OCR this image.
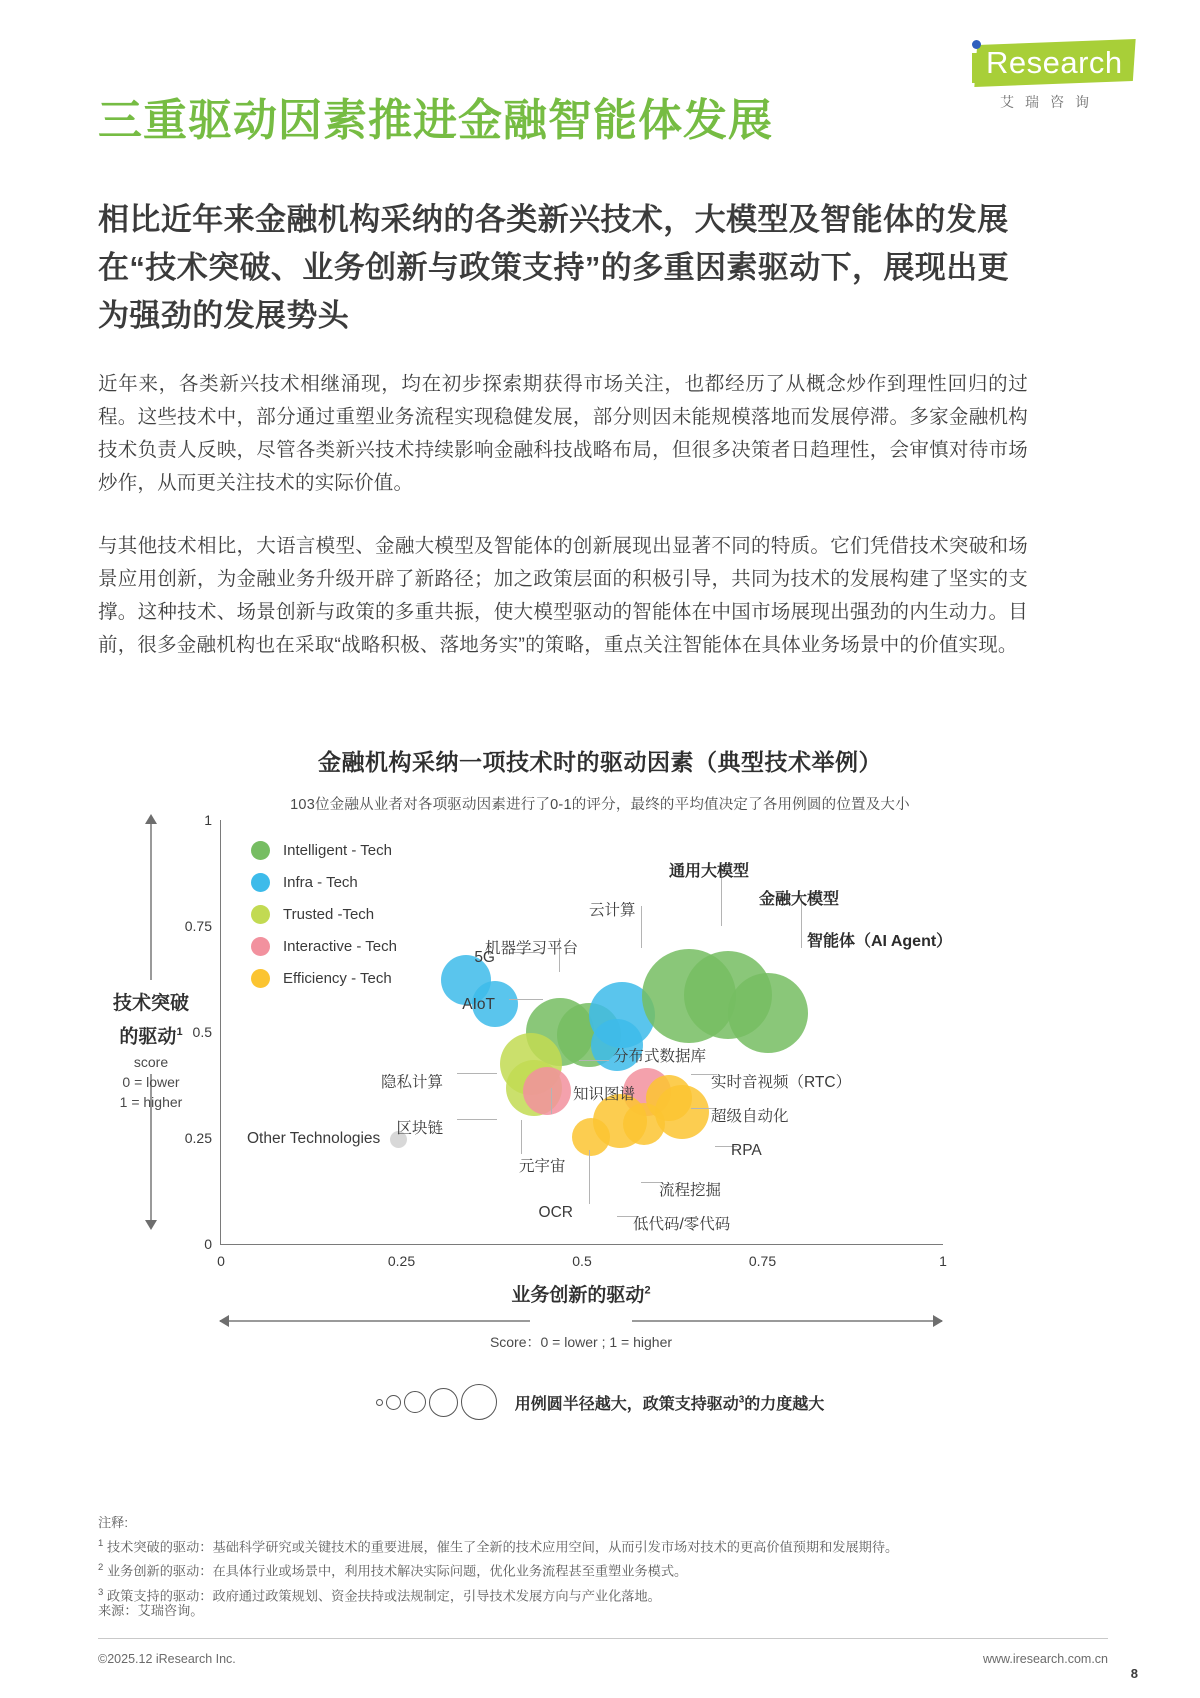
Research
艾瑞咨询
三重驱动因素推进金融智能体发展
相比近年来金融机构采纳的各类新兴技术，大模型及智能体的发展在“技术突破、业务创新与政策支持”的多重因素驱动下，展现出更为强劲的发展势头
近年来，各类新兴技术相继涌现，均在初步探索期获得市场关注，也都经历了从概念炒作到理性回归的过程。这些技术中，部分通过重塑业务流程实现稳健发展，部分则因未能规模落地而发展停滞。多家金融机构技术负责人反映，尽管各类新兴技术持续影响金融科技战略布局，但很多决策者日趋理性，会审慎对待市场炒作，从而更关注技术的实际价值。
与其他技术相比，大语言模型、金融大模型及智能体的创新展现出显著不同的特质。它们凭借技术突破和场景应用创新，为金融业务升级开辟了新路径；加之政策层面的积极引导，共同为技术的发展构建了坚实的支撑。这种技术、场景创新与政策的多重共振，使大模型驱动的智能体在中国市场展现出强劲的内生动力。目前，很多金融机构也在采取“战略积极、落地务实”的策略，重点关注智能体在具体业务场景中的价值实现。
金融机构采纳一项技术时的驱动因素（典型技术举例）
103位金融从业者对各项驱动因素进行了0-1的评分，最终的平均值决定了各用例圆的位置及大小
技术突破
的驱动$^1$
score
0 = lower
1 = higher
Intelligent - Tech
Infra - Tech
Trusted -Tech
Interactive - Tech
Efficiency - Tech
Other Technologies
0
0.25
0.5
0.75
1
0	0.25	0.5	0.75	1
5G
AIoT
机器学习平台
云计算
分布式数据库
知识图谱
隐私计算
区块链
元宇宙
通用大模型
金融大模型
智能体（AI Agent）
实时音视频（RTC）
超级自动化
RPA
流程挖掘
低代码/零代码
OCR
业务创新的驱动$^2$
Score：0 = lower ; 1 = higher
用例圆半径越大，政策支持驱动$^3$的力度越大
注释:
$^1$ 技术突破的驱动：基础科学研究或关键技术的重要进展，催生了全新的技术应用空间，从而引发市场对技术的更高价值预期和发展期待。
$^2$ 业务创新的驱动：在具体行业或场景中，利用技术解决实际问题，优化业务流程甚至重塑业务模式。
$^3$ 政策支持的驱动：政府通过政策规划、资金扶持或法规制定，引导技术发展方向与产业化落地。
来源：艾瑞咨询。
©2025.12 iResearch Inc.	www.iresearch.com.cn
8
